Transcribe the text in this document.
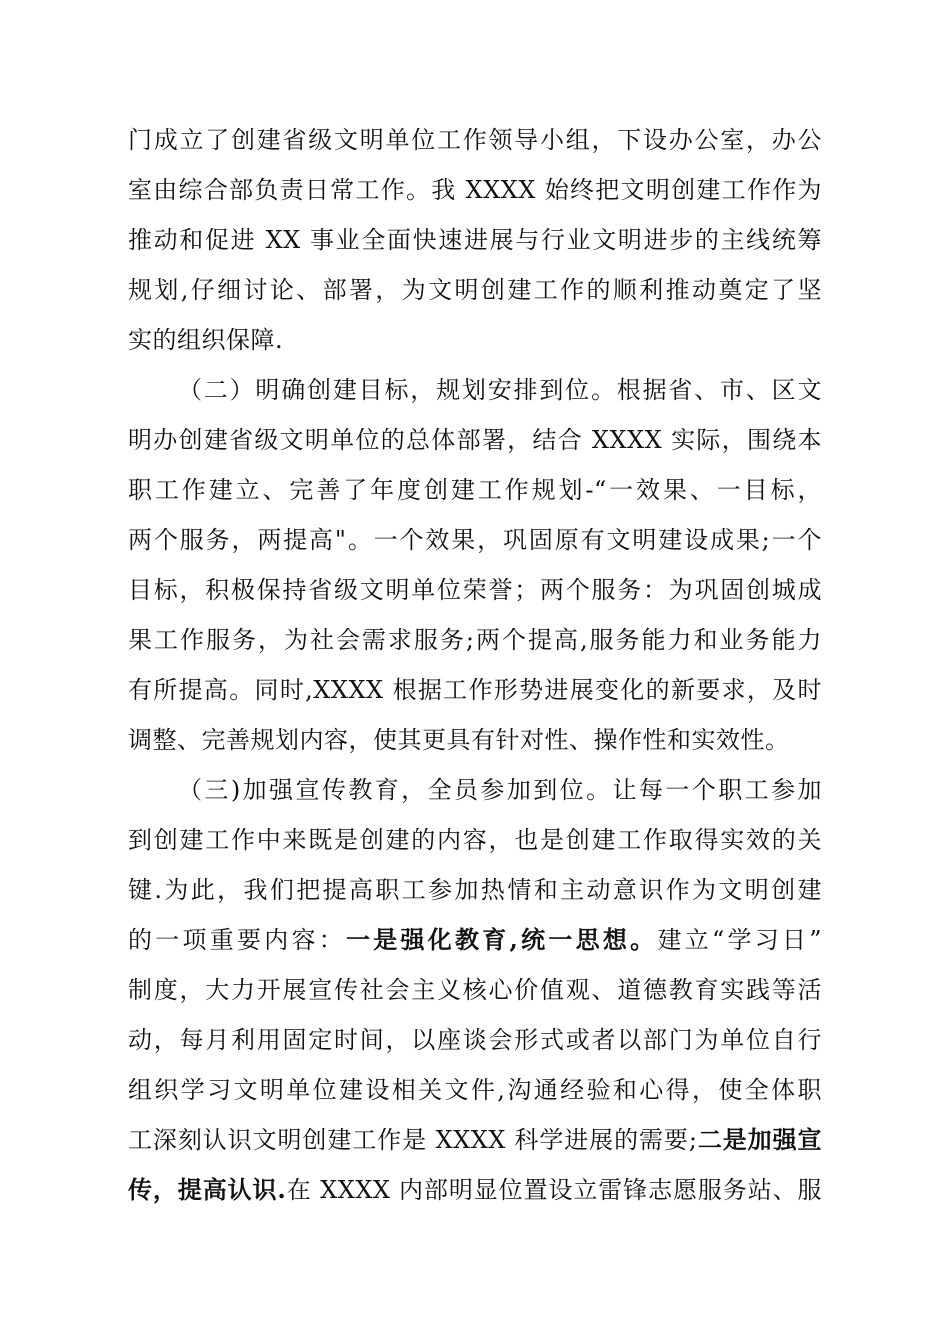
门成立了创建省级文明单位工作领导小组，下设办公室，办公
室由综合部负责日常工作。我 XXXX 始终把文明创建工作作为
推动和促进 XX 事业全面快速进展与行业文明进步的主线统筹
规划,仔细讨论、部署，为文明创建工作的顺利推动奠定了坚
实的组织保障.
（二）明确创建目标，规划安排到位。根据省、市、区文
明办创建省级文明单位的总体部署，结合 XXXX 实际，围绕本
职工作建立、完善了年度创建工作规划-“一效果、一目标，
两个服务，两提高"。一个效果，巩固原有文明建设成果;一个
目标，积极保持省级文明单位荣誉；两个服务：为巩固创城成
果工作服务，为社会需求服务;两个提高,服务能力和业务能力
有所提高。同时,XXXX 根据工作形势进展变化的新要求，及时
调整、完善规划内容，使其更具有针对性、操作性和实效性。
（三)加强宣传教育，全员参加到位。让每一个职工参加
到创建工作中来既是创建的内容，也是创建工作取得实效的关
键.为此，我们把提高职工参加热情和主动意识作为文明创建
的一项重要内容：一是强化教育,统一思想。建立“学习日”
制度，大力开展宣传社会主义核心价值观、道德教育实践等活
动，每月利用固定时间，以座谈会形式或者以部门为单位自行
组织学习文明单位建设相关文件,沟通经验和心得，使全体职
工深刻认识文明创建工作是 XXXX 科学进展的需要;二是加强宣
传，提高认识.在 XXXX 内部明显位置设立雷锋志愿服务站、服
